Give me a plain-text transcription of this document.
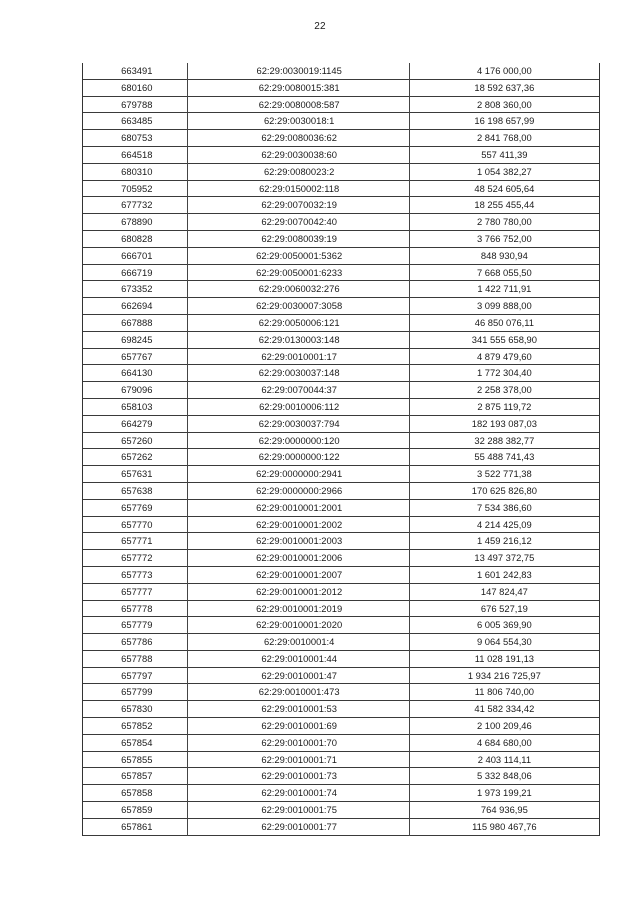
22
663491	62:29:0030019:1145	4 176 000,00
680160	62:29:0080015:381	18 592 637,36
679788	62:29:0080008:587	2 808 360,00
663485	62:29:0030018:1	16 198 657,99
680753	62:29:0080036:62	2 841 768,00
664518	62:29:0030038:60	557 411,39
680310	62:29:0080023:2	1 054 382,27
705952	62:29:0150002:118	48 524 605,64
677732	62:29:0070032:19	18 255 455,44
678890	62:29:0070042:40	2 780 780,00
680828	62:29:0080039:19	3 766 752,00
666701	62:29:0050001:5362	848 930,94
666719	62:29:0050001:6233	7 668 055,50
673352	62:29:0060032:276	1 422 711,91
662694	62:29:0030007:3058	3 099 888,00
667888	62:29:0050006:121	46 850 076,11
698245	62:29:0130003:148	341 555 658,90
657767	62:29:0010001:17	4 879 479,60
664130	62:29:0030037:148	1 772 304,40
679096	62:29:0070044:37	2 258 378,00
658103	62:29:0010006:112	2 875 119,72
664279	62:29:0030037:794	182 193 087,03
657260	62:29:0000000:120	32 288 382,77
657262	62:29:0000000:122	55 488 741,43
657631	62:29:0000000:2941	3 522 771,38
657638	62:29:0000000:2966	170 625 826,80
657769	62:29:0010001:2001	7 534 386,60
657770	62:29:0010001:2002	4 214 425,09
657771	62:29:0010001:2003	1 459 216,12
657772	62:29:0010001:2006	13 497 372,75
657773	62:29:0010001:2007	1 601 242,83
657777	62:29:0010001:2012	147 824,47
657778	62:29:0010001:2019	676 527,19
657779	62:29:0010001:2020	6 005 369,90
657786	62:29:0010001:4	9 064 554,30
657788	62:29:0010001:44	11 028 191,13
657797	62:29:0010001:47	1 934 216 725,97
657799	62:29:0010001:473	11 806 740,00
657830	62:29:0010001:53	41 582 334,42
657852	62:29:0010001:69	2 100 209,46
657854	62:29:0010001:70	4 684 680,00
657855	62:29:0010001:71	2 403 114,11
657857	62:29:0010001:73	5 332 848,06
657858	62:29:0010001:74	1 973 199,21
657859	62:29:0010001:75	764 936,95
657861	62:29:0010001:77	115 980 467,76
